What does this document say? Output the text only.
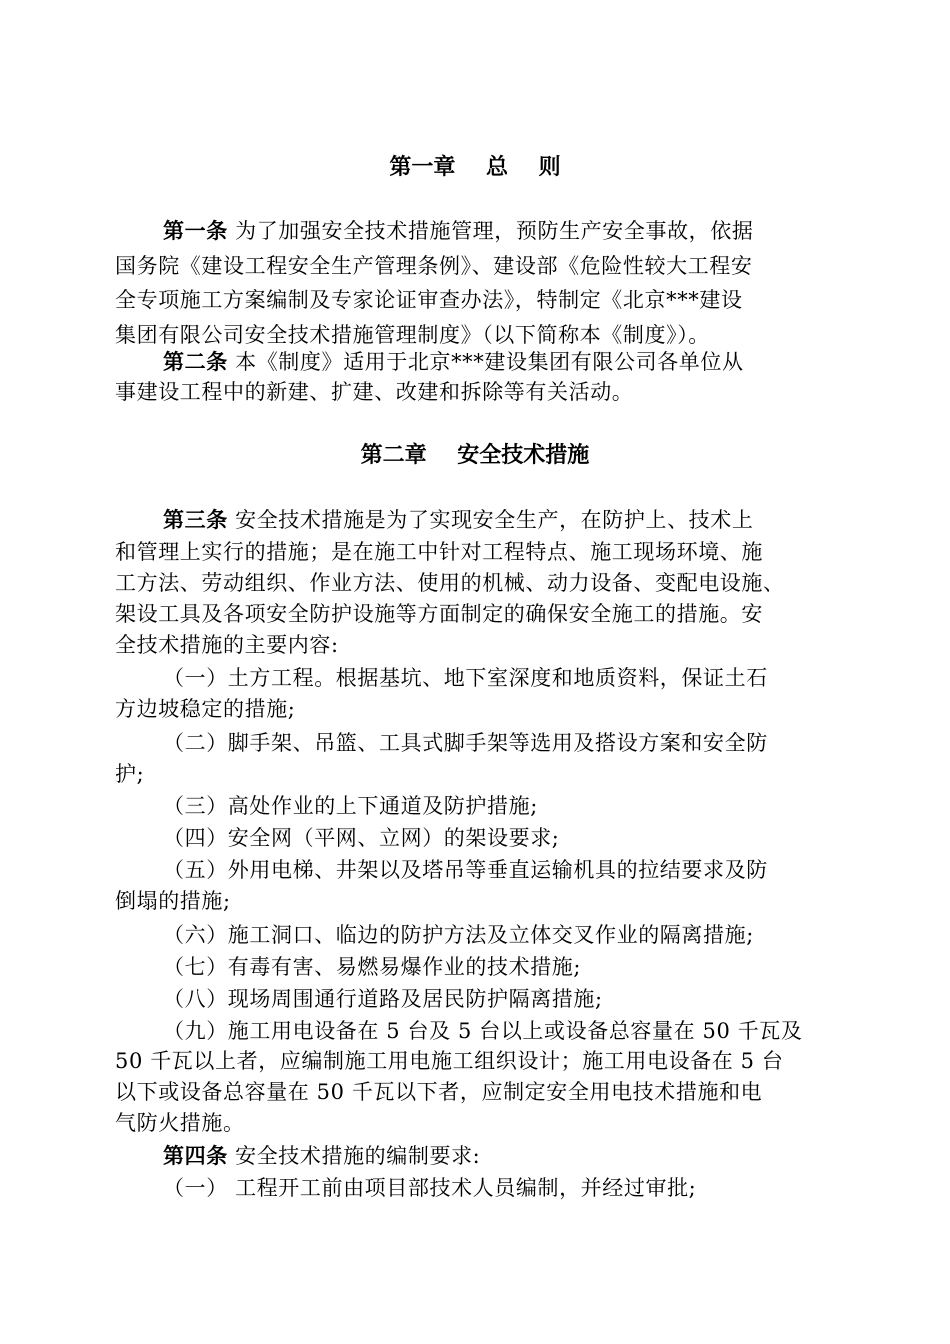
第一章    总    则
第一条 为了加强安全技术措施管理，预防生产安全事故，依据
国务院《建设工程安全生产管理条例》、建设部《危险性较大工程安
全专项施工方案编制及专家论证审查办法》，特制定《北京***建设
集团有限公司安全技术措施管理制度》（以下简称本《制度》）。
第二条 本《制度》适用于北京***建设集团有限公司各单位从
事建设工程中的新建、扩建、改建和拆除等有关活动。
第二章    安全技术措施
第三条 安全技术措施是为了实现安全生产，在防护上、技术上
和管理上实行的措施；是在施工中针对工程特点、施工现场环境、施
工方法、劳动组织、作业方法、使用的机械、动力设备、变配电设施、
架设工具及各项安全防护设施等方面制定的确保安全施工的措施。安
全技术措施的主要内容:
（一）土方工程。根据基坑、地下室深度和地质资料，保证土石
方边坡稳定的措施;
（二）脚手架、吊篮、工具式脚手架等选用及搭设方案和安全防
护;
（三）高处作业的上下通道及防护措施;
（四）安全网（平网、立网）的架设要求;
（五）外用电梯、井架以及塔吊等垂直运输机具的拉结要求及防
倒塌的措施;
（六）施工洞口、临边的防护方法及立体交叉作业的隔离措施;
（七）有毒有害、易燃易爆作业的技术措施;
（八）现场周围通行道路及居民防护隔离措施;
（九）施工用电设备在 5 台及 5 台以上或设备总容量在 50 千瓦及
50 千瓦以上者，应编制施工用电施工组织设计；施工用电设备在 5 台
以下或设备总容量在 50 千瓦以下者，应制定安全用电技术措施和电
气防火措施。
第四条 安全技术措施的编制要求:
（一） 工程开工前由项目部技术人员编制，并经过审批;
